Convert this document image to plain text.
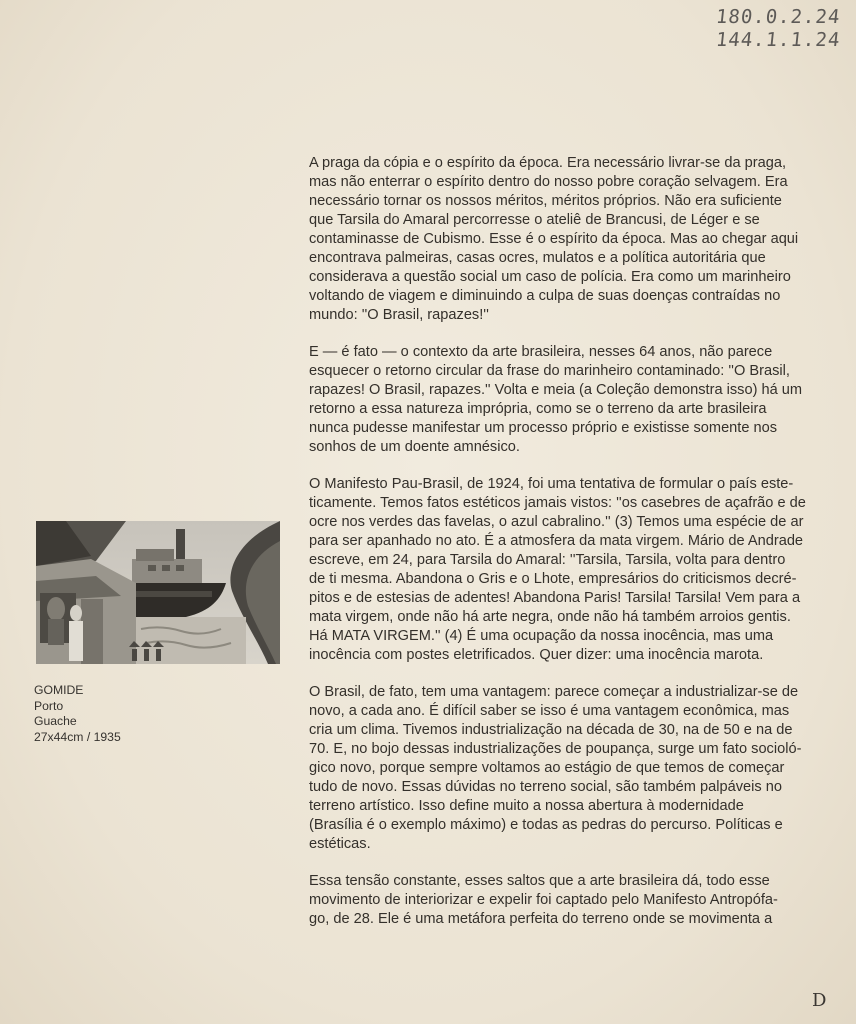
180.0.2.24
144.1.1.24

A praga da cópia e o espírito da época. Era necessário livrar-se da praga,
mas não enterrar o espírito dentro do nosso pobre coração selvagem. Era
necessário tornar os nossos méritos, méritos próprios. Não era suficiente
que Tarsila do Amaral percorresse o ateliê de Brancusi, de Léger e se
contaminasse de Cubismo. Esse é o espírito da época. Mas ao chegar aqui
encontrava palmeiras, casas ocres, mulatos e a política autoritária que
considerava a questão social um caso de polícia. Era como um marinheiro
voltando de viagem e diminuindo a culpa de suas doenças contraídas no
mundo: ''O Brasil, rapazes!''

E — é fato — o contexto da arte brasileira, nesses 64 anos, não parece
esquecer o retorno circular da frase do marinheiro contaminado: ''O Brasil,
rapazes! O Brasil, rapazes.'' Volta e meia (a Coleção demonstra isso) há um
retorno a essa natureza imprópria, como se o terreno da arte brasileira
nunca pudesse manifestar um processo próprio e existisse somente nos
sonhos de um doente amnésico.

O Manifesto Pau-Brasil, de 1924, foi uma tentativa de formular o país este-
ticamente. Temos fatos estéticos jamais vistos: ''os casebres de açafrão e de
ocre nos verdes das favelas, o azul cabralino.'' (3) Temos uma espécie de ar
para ser apanhado no ato. É a atmosfera da mata virgem. Mário de Andrade
escreve, em 24, para Tarsila do Amaral: ''Tarsila, Tarsila, volta para dentro
de ti mesma. Abandona o Gris e o Lhote, empresários do criticismos decré-
pitos e de estesias de adentes! Abandona Paris! Tarsila! Tarsila! Vem para a
mata virgem, onde não há arte negra, onde não há também arroios gentis.
Há MATA VIRGEM.'' (4) É uma ocupação da nossa inocência, mas uma
inocência com postes eletrificados. Quer dizer: uma inocência marota.

O Brasil, de fato, tem uma vantagem: parece começar a industrializar-se de
novo, a cada ano. É difícil saber se isso é uma vantagem econômica, mas
cria um clima. Tivemos industrialização na década de 30, na de 50 e na de
70. E, no bojo dessas industrializações de poupança, surge um fato socioló-
gico novo, porque sempre voltamos ao estágio de que temos de começar
tudo de novo. Essas dúvidas no terreno social, são também palpáveis no
terreno artístico. Isso define muito a nossa abertura à modernidade
(Brasília é o exemplo máximo) e todas as pedras do percurso. Políticas e
estéticas.

Essa tensão constante, esses saltos que a arte brasileira dá, todo esse
movimento de interiorizar e expelir foi captado pelo Manifesto Antropófa-
go, de 28. Ele é uma metáfora perfeita do terreno onde se movimenta a

GOMIDE
Porto
Guache
27x44cm / 1935
D
